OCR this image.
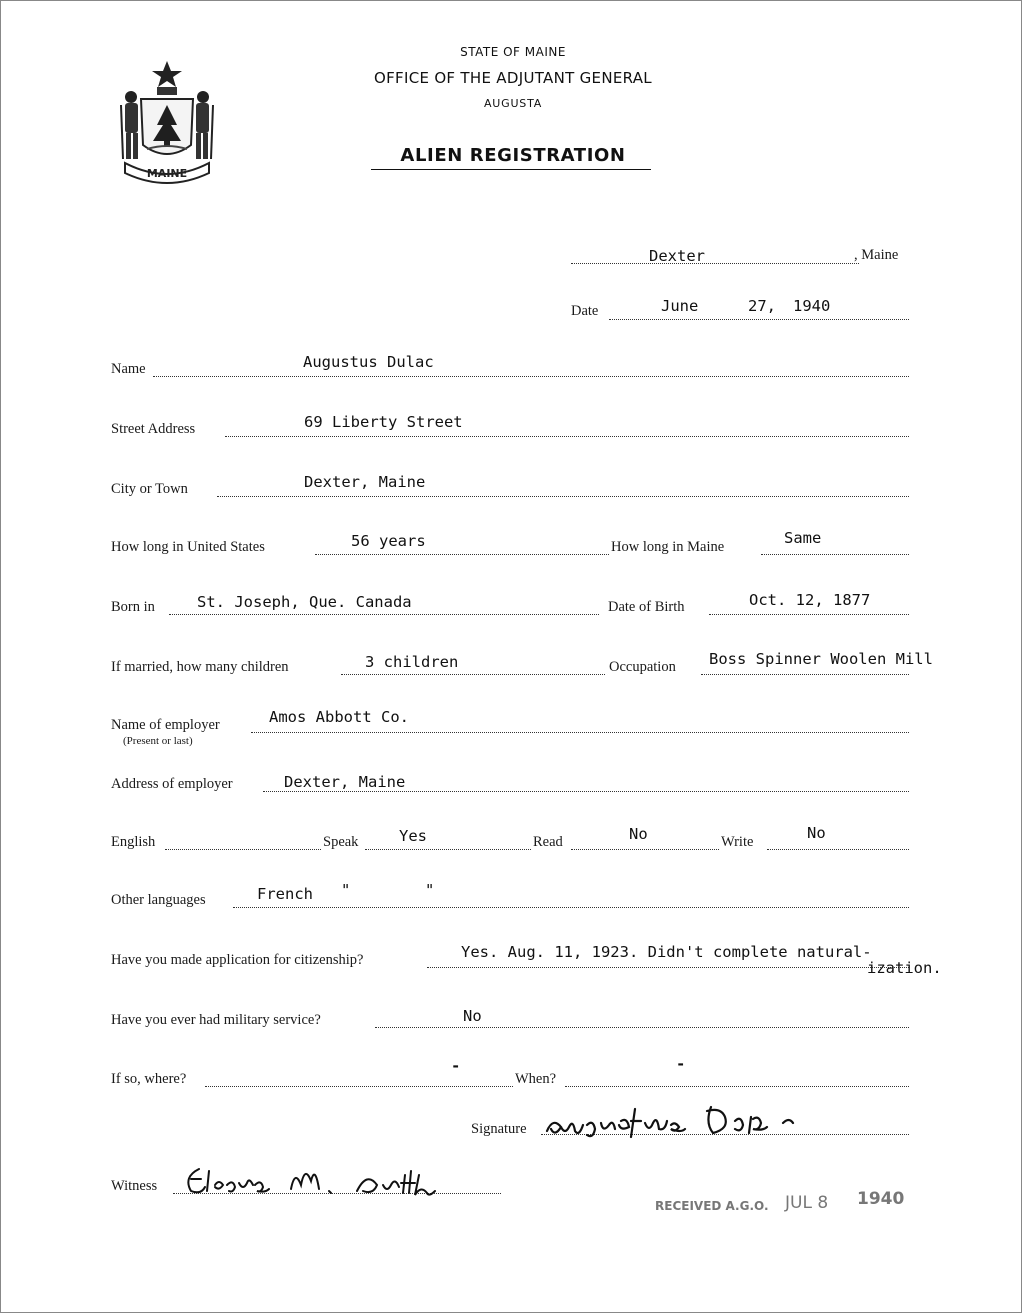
MAINE
STATE OF MAINE
OFFICE OF THE ADJUTANT GENERAL
AUGUSTA
ALIEN REGISTRATION
Dexter	, Maine
Date	June	27, 1940
Name	Augustus Dulac
Street Address	69 Liberty Street
City or Town	Dexter, Maine
How long in United States	56 years	How long in Maine	Same
Born in	St. Joseph, Que. Canada	Date of Birth	Oct. 12, 1877
If married, how many children	3 children	Occupation Boss Spinner Woolen Mill
Name of employer
(Present or last)
Amos Abbott Co.
Address of employer	Dexter, Maine
English	Speak	Yes	Read	No	Write	No
Other languages	French "	"
Have you made application for citizenship?	Yes. Aug. 11, 1923. Didn't complete natural-
ization.
Have you ever had military service?	No
If so, where?
-
When?
-
Signature
Witness
RECEIVED A.G.O. JUL 8 1940
